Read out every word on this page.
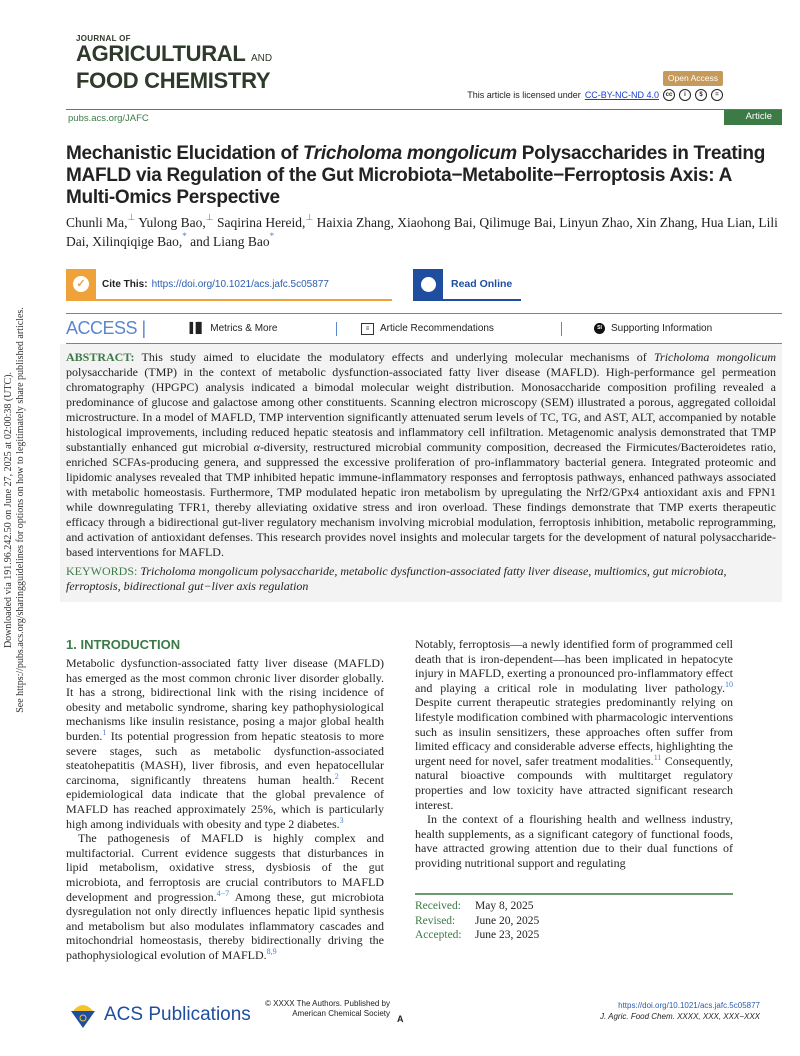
Downloaded via 191.96.242.50 on June 27, 2025 at 02:00:38 (UTC). See https://pubs.acs.org/sharingguidelines for options on how to legitimately share published articles.
JOURNAL OF
AGRICULTURAL AND
FOOD CHEMISTRY	Open Access
This article is licensed under CC-BY-NC-ND 4.0	cc	i	$	=
pubs.acs.org/JAFC	Article
Mechanistic Elucidation of Tricholoma mongolicum Polysaccharides in Treating MAFLD via Regulation of the Gut Microbiota−Metabolite−Ferroptosis Axis: A Multi-Omics Perspective
Chunli Ma,⊥ Yulong Bao,⊥ Saqirina Hereid,⊥ Haixia Zhang, Xiaohong Bai, Qilimuge Bai, Linyun Zhao, Xin Zhang, Hua Lian, Lili Dai, Xilinqiqige Bao,* and Liang Bao*
✓	Cite This: https://doi.org/10.1021/acs.jafc.5c05877	Read Online
ACCESS |	▐▐▌ Metrics & More	≡	Article Recommendations	SI Supporting Information
ABSTRACT: This study aimed to elucidate the modulatory effects and underlying molecular mechanisms of Tricholoma mongolicum polysaccharide (TMP) in the context of metabolic dysfunction-associated fatty liver disease (MAFLD). High-performance gel permeation chromatography (HPGPC) analysis indicated a bimodal molecular weight distribution. Monosaccharide composition profiling revealed a predominance of glucose and galactose among other constituents. Scanning electron microscopy (SEM) illustrated a porous, aggregated colloidal microstructure. In a model of MAFLD, TMP intervention significantly attenuated serum levels of TC, TG, and AST, ALT, accompanied by notable histological improvements, including reduced hepatic steatosis and inflammatory cell infiltration. Metagenomic analysis demonstrated that TMP substantially enhanced gut microbial α-diversity, restructured microbial community composition, decreased the Firmicutes/Bacteroidetes ratio, enriched SCFAs-producing genera, and suppressed the excessive proliferation of pro-inflammatory bacterial genera. Integrated proteomic and lipidomic analyses revealed that TMP inhibited hepatic immune-inflammatory responses and ferroptosis pathways, enhanced pathways associated with metabolic homeostasis. Furthermore, TMP modulated hepatic iron metabolism by upregulating the Nrf2/GPx4 antioxidant axis and FPN1 while downregulating TFR1, thereby alleviating oxidative stress and iron overload. These findings demonstrate that TMP exerts therapeutic efficacy through a bidirectional gut-liver regulatory mechanism involving microbial modulation, ferroptosis inhibition, metabolic reprogramming, and activation of antioxidant defenses. This research provides novel insights and molecular targets for the development of natural polysaccharide-based interventions for MAFLD.
KEYWORDS: Tricholoma mongolicum polysaccharide, metabolic dysfunction-associated fatty liver disease, multiomics, gut microbiota, ferroptosis, bidirectional gut−liver axis regulation
1. INTRODUCTION
Metabolic dysfunction-associated fatty liver disease (MAFLD) has emerged as the most common chronic liver disorder globally. It has a strong, bidirectional link with the rising incidence of obesity and metabolic syndrome, sharing key pathophysiological mechanisms like insulin resistance, posing a major global health burden.$^1$ Its potential progression from hepatic steatosis to more severe stages, such as metabolic dysfunction-associated steatohepatitis (MASH), liver fibrosis, and even hepatocellular carcinoma, significantly threatens human health.$^2$ Recent epidemiological data indicate that the global prevalence of MAFLD has reached approximately 25%, which is particularly high among individuals with obesity and type 2 diabetes.$^3$
The pathogenesis of MAFLD is highly complex and multifactorial. Current evidence suggests that disturbances in lipid metabolism, oxidative stress, dysbiosis of the gut microbiota, and ferroptosis are crucial contributors to MAFLD development and progression.$^{4-7}$ Among these, gut microbiota dysregulation not only directly influences hepatic lipid synthesis and metabolism but also modulates inflammatory cascades and mitochondrial homeostasis, thereby bidirectionally driving the pathophysiological evolution of MAFLD.$^{8,9}$
Notably, ferroptosis—a newly identified form of programmed cell death that is iron-dependent—has been implicated in hepatocyte injury in MAFLD, exerting a pronounced pro-inflammatory effect and playing a critical role in modulating liver pathology.$^{10}$ Despite current therapeutic strategies predominantly relying on lifestyle modification combined with pharmacologic interventions such as insulin sensitizers, these approaches often suffer from limited efficacy and considerable adverse effects, highlighting the urgent need for novel, safer treatment modalities.$^{11}$ Consequently, natural bioactive compounds with multitarget regulatory properties and low toxicity have attracted significant research interest.
In the context of a flourishing health and wellness industry, health supplements, as a significant category of functional foods, have attracted growing attention due to their dual functions of providing nutritional support and regulating
Received: May 8, 2025
Revised: June 20, 2025
Accepted: June 23, 2025
ACS Publications
© XXXX The Authors. Published by
American Chemical Society
A
https://doi.org/10.1021/acs.jafc.5c05877
J. Agric. Food Chem. XXXX, XXX, XXX−XXX
